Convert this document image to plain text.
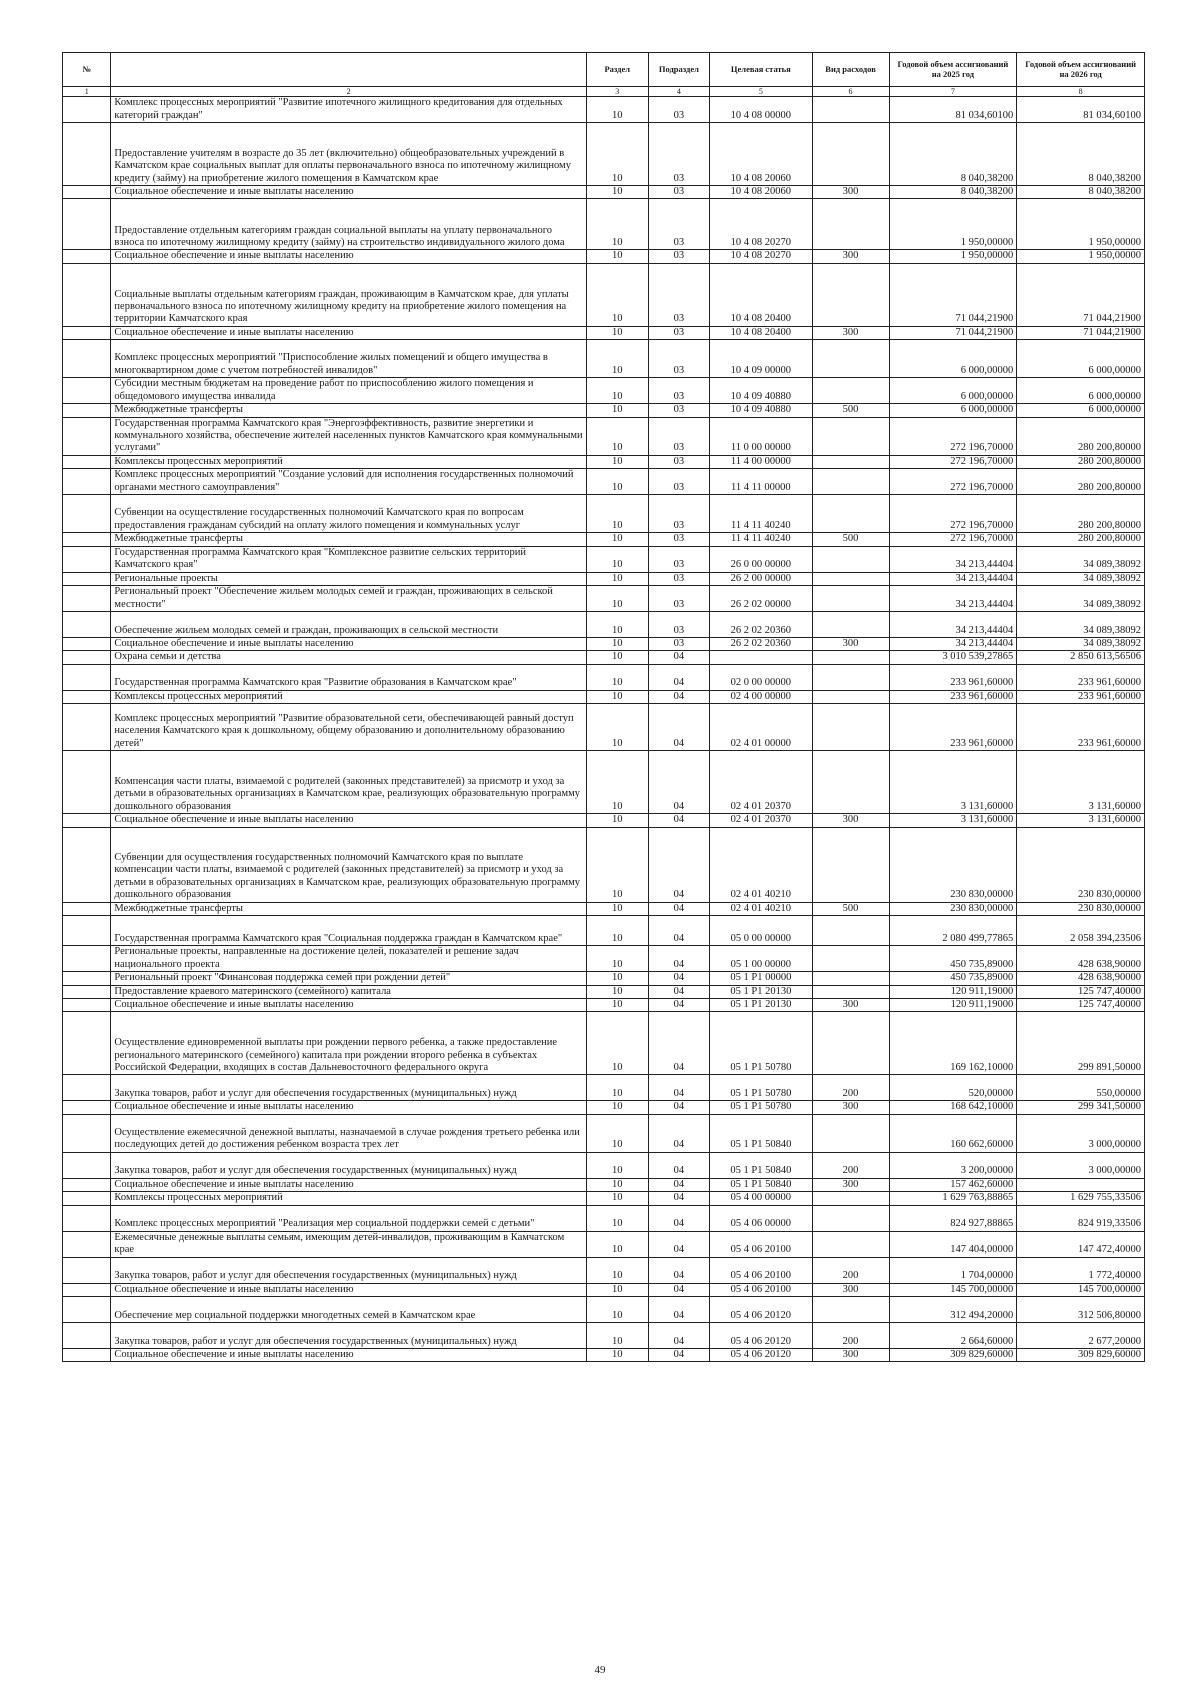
№		Раздел	Подраздел	Целевая статья	Вид расходов	Годовой объем ассигнований на 2025 год	Годовой объем ассигнований на 2026 год
1	2	3	4	5	6	7	8
	Комплекс процессных мероприятий "Развитие ипотечного жилищного кредитования для отдельных категорий граждан"	10	03	10 4 08 00000		81 034,60100	81 034,60100
	Предоставление учителям в возрасте до 35 лет (включительно) общеобразовательных учреждений в Камчатском крае социальных выплат для оплаты первоначального взноса по ипотечному жилищному кредиту (займу) на приобретение жилого помещения в Камчатском крае	10	03	10 4 08 20060		8 040,38200	8 040,38200
	Социальное обеспечение и иные выплаты населению	10	03	10 4 08 20060	300	8 040,38200	8 040,38200
	Предоставление отдельным категориям граждан социальной выплаты на уплату первоначального взноса по ипотечному жилищному кредиту (займу) на строительство индивидуального жилого дома	10	03	10 4 08 20270		1 950,00000	1 950,00000
	Социальное обеспечение и иные выплаты населению	10	03	10 4 08 20270	300	1 950,00000	1 950,00000
	Социальные выплаты отдельным категориям граждан, проживающим в Камчатском крае, для уплаты первоначального взноса по ипотечному жилищному кредиту на приобретение жилого помещения на территории Камчатского края	10	03	10 4 08 20400		71 044,21900	71 044,21900
	Социальное обеспечение и иные выплаты населению	10	03	10 4 08 20400	300	71 044,21900	71 044,21900
	Комплекс процессных мероприятий "Приспособление жилых помещений и общего имущества в многоквартирном доме с учетом потребностей инвалидов"	10	03	10 4 09 00000		6 000,00000	6 000,00000
	Субсидии местным бюджетам на проведение работ по приспособлению жилого помещения и общедомового имущества инвалида	10	03	10 4 09 40880		6 000,00000	6 000,00000
	Межбюджетные трансферты	10	03	10 4 09 40880	500	6 000,00000	6 000,00000
	Государственная программа Камчатского края "Энергоэффективность, развитие энергетики и коммунального хозяйства, обеспечение жителей населенных пунктов Камчатского края коммунальными услугами"	10	03	11 0 00 00000		272 196,70000	280 200,80000
	Комплексы процессных мероприятий	10	03	11 4 00 00000		272 196,70000	280 200,80000
	Комплекс процессных мероприятий "Создание условий для исполнения государственных полномочий органами местного самоуправления"	10	03	11 4 11 00000		272 196,70000	280 200,80000
	Субвенции на осуществление государственных полномочий Камчатского края по вопросам предоставления гражданам субсидий на оплату жилого помещения и коммунальных услуг	10	03	11 4 11 40240		272 196,70000	280 200,80000
	Межбюджетные трансферты	10	03	11 4 11 40240	500	272 196,70000	280 200,80000
	Государственная программа Камчатского края "Комплексное развитие сельских территорий Камчатского края"	10	03	26 0 00 00000		34 213,44404	34 089,38092
	Региональные проекты	10	03	26 2 00 00000		34 213,44404	34 089,38092
	Региональный проект "Обеспечение жильем молодых семей и граждан, проживающих в сельской местности"	10	03	26 2 02 00000		34 213,44404	34 089,38092
	Обеспечение жильем молодых семей и граждан, проживающих в сельской местности	10	03	26 2 02 20360		34 213,44404	34 089,38092
	Социальное обеспечение и иные выплаты населению	10	03	26 2 02 20360	300	34 213,44404	34 089,38092
	Охрана семьи и детства	10	04			3 010 539,27865	2 850 613,56506
	Государственная программа Камчатского края "Развитие образования в Камчатском крае"	10	04	02 0 00 00000		233 961,60000	233 961,60000
	Комплексы процессных мероприятий	10	04	02 4 00 00000		233 961,60000	233 961,60000
	Комплекс процессных мероприятий "Развитие образовательной сети, обеспечивающей равный доступ населения Камчатского края к дошкольному, общему образованию и дополнительному образованию детей"	10	04	02 4 01 00000		233 961,60000	233 961,60000
	Компенсация части платы, взимаемой с родителей (законных представителей) за присмотр и уход за детьми в образовательных организациях в Камчатском крае, реализующих образовательную программу дошкольного образования	10	04	02 4 01 20370		3 131,60000	3 131,60000
	Социальное обеспечение и иные выплаты населению	10	04	02 4 01 20370	300	3 131,60000	3 131,60000
	Субвенции для осуществления государственных полномочий Камчатского края по выплате компенсации части платы, взимаемой с родителей (законных представителей) за присмотр и уход за детьми в образовательных организациях в Камчатском крае, реализующих образовательную программу дошкольного образования	10	04	02 4 01 40210		230 830,00000	230 830,00000
	Межбюджетные трансферты	10	04	02 4 01 40210	500	230 830,00000	230 830,00000
	Государственная программа Камчатского края "Социальная поддержка граждан в Камчатском крае"	10	04	05 0 00 00000		2 080 499,77865	2 058 394,23506
	Региональные проекты, направленные на достижение целей, показателей и решение задач национального проекта	10	04	05 1 00 00000		450 735,89000	428 638,90000
	Региональный проект "Финансовая поддержка семей при рождении детей"	10	04	05 1 P1 00000		450 735,89000	428 638,90000
	Предоставление краевого материнского (семейного) капитала	10	04	05 1 P1 20130		120 911,19000	125 747,40000
	Социальное обеспечение и иные выплаты населению	10	04	05 1 P1 20130	300	120 911,19000	125 747,40000
	Осуществление единовременной выплаты при рождении первого ребенка, а также предоставление регионального материнского (семейного) капитала при рождении второго ребенка в субъектах Российской Федерации, входящих в состав Дальневосточного федерального округа	10	04	05 1 P1 50780		169 162,10000	299 891,50000
	Закупка товаров, работ и услуг для обеспечения государственных (муниципальных) нужд	10	04	05 1 P1 50780	200	520,00000	550,00000
	Социальное обеспечение и иные выплаты населению	10	04	05 1 P1 50780	300	168 642,10000	299 341,50000
	Осуществление ежемесячной денежной выплаты, назначаемой в случае рождения третьего ребенка или последующих детей до достижения ребенком возраста трех лет	10	04	05 1 P1 50840		160 662,60000	3 000,00000
	Закупка товаров, работ и услуг для обеспечения государственных (муниципальных) нужд	10	04	05 1 P1 50840	200	3 200,00000	3 000,00000
	Социальное обеспечение и иные выплаты населению	10	04	05 1 P1 50840	300	157 462,60000	
	Комплексы процессных мероприятий	10	04	05 4 00 00000		1 629 763,88865	1 629 755,33506
	Комплекс процессных мероприятий "Реализация мер социальной поддержки семей с детьми"	10	04	05 4 06 00000		824 927,88865	824 919,33506
	Ежемесячные денежные выплаты семьям, имеющим детей-инвалидов, проживающим в Камчатском крае	10	04	05 4 06 20100		147 404,00000	147 472,40000
	Закупка товаров, работ и услуг для обеспечения государственных (муниципальных) нужд	10	04	05 4 06 20100	200	1 704,00000	1 772,40000
	Социальное обеспечение и иные выплаты населению	10	04	05 4 06 20100	300	145 700,00000	145 700,00000
	Обеспечение мер социальной поддержки многодетных семей в Камчатском крае	10	04	05 4 06 20120		312 494,20000	312 506,80000
	Закупка товаров, работ и услуг для обеспечения государственных (муниципальных) нужд	10	04	05 4 06 20120	200	2 664,60000	2 677,20000
	Социальное обеспечение и иные выплаты населению	10	04	05 4 06 20120	300	309 829,60000	309 829,60000
49
